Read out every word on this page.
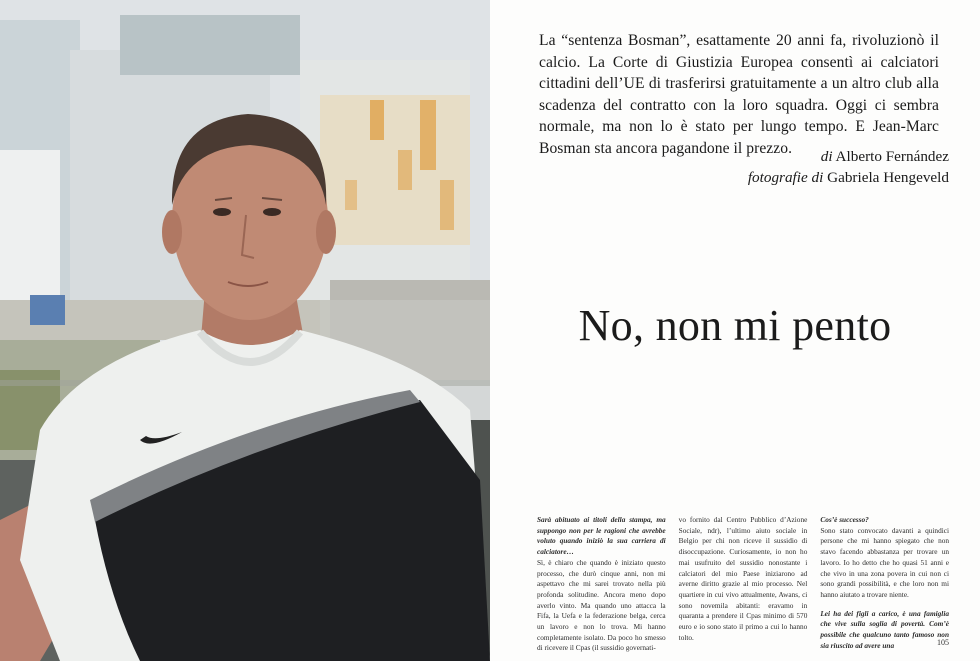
La “sentenza Bosman”, esattamente 20 anni fa, rivoluzionò il calcio. La Corte di Giustizia Europea consentì ai calciatori cittadini dell’UE di trasferirsi gratuitamente a un altro club alla scadenza del contratto con la loro squadra. Oggi ci sembra normale, ma non lo è stato per lungo tempo. E Jean-Marc Bosman sta ancora pagandone il prezzo.	di Alberto Fernández
fotografie di Gabriela Hengeveld
No, non mi pento

Sarà abituato ai titoli della stampa, ma suppongo non per le ragioni che avrebbe voluto quando iniziò la sua carriera di calciatore…

Sì, è chiaro che quando è iniziato questo processo, che durò cinque anni, non mi aspettavo che mi sarei trovato nella più profonda solitudine. Ancora meno dopo averlo vinto. Ma quando uno attacca la Fifa, la Uefa e la federazione belga, cerca un lavoro e non lo trova. Mi hanno completamente isolato. Da poco ho smesso di ricevere il Cpas (il sussidio governati-

vo fornito dal Centro Pubblico d’Azione Sociale, ndr), l’ultimo aiuto sociale in Belgio per chi non riceve il sussidio di disoccupazione. Curiosamente, io non ho mai usufruito del sussidio nonostante i calciatori del mio Paese iniziarono ad averne diritto grazie al mio processo. Nel quartiere in cui vivo attualmente, Awans, ci sono novemila abitanti: eravamo in quaranta a prendere il Cpas minimo di 570 euro e io sono stato il primo a cui lo hanno tolto.

Cos’è successo?

Sono stato convocato davanti a quindici persone che mi hanno spiegato che non stavo facendo abbastanza per trovare un lavoro. Io ho detto che ho quasi 51 anni e che vivo in una zona povera in cui non ci sono grandi possibilità, e che loro non mi hanno aiutato a trovare niente.

Lei ha dei figli a carico, è una famiglia che vive sulla soglia di povertà. Com’è possibile che qualcuno tanto famoso non sia riuscito ad avere una	105
